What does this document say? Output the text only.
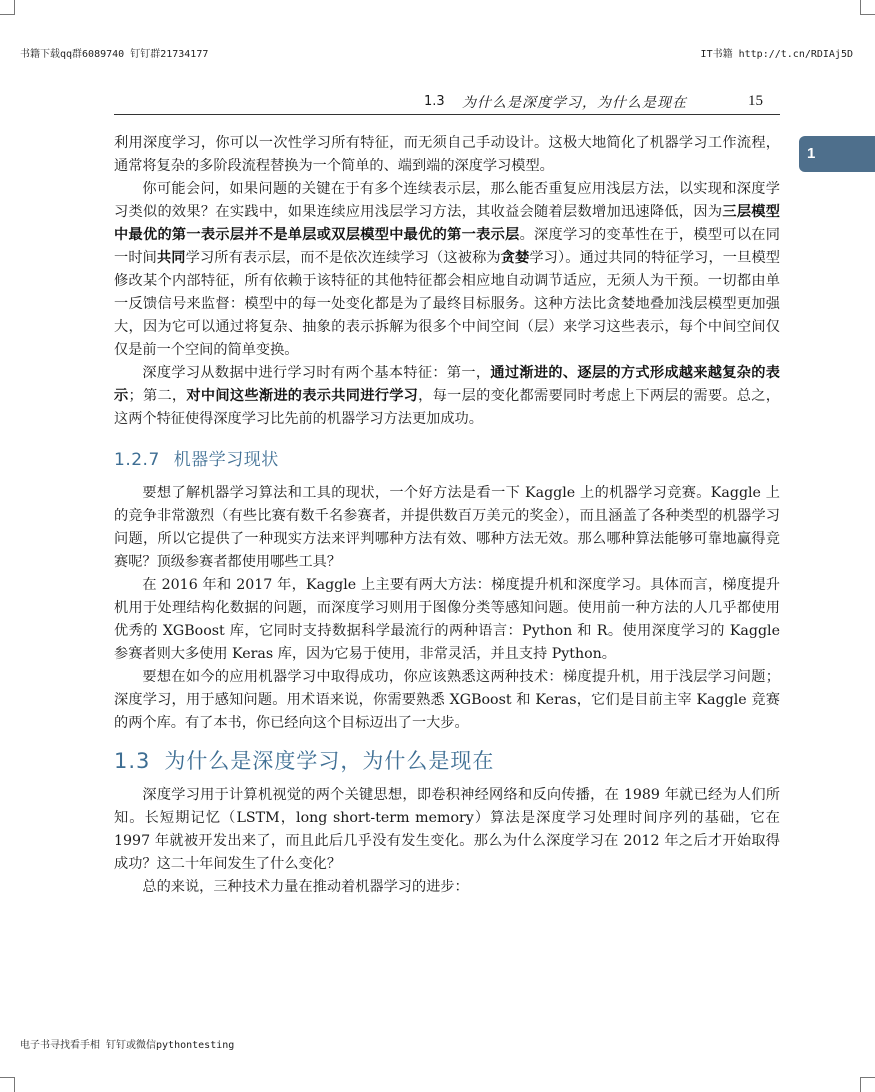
书籍下载qq群6089740 钉钉群21734177	IT书籍 http://t.cn/RDIAj5D
1.3 为什么是深度学习，为什么是现在	15
1

利用深度学习，你可以一次性学习所有特征，而无须自己手动设计。这极大地简化了机器学习工作流程，通常将复杂的多阶段流程替换为一个简单的、端到端的深度学习模型。

你可能会问，如果问题的关键在于有多个连续表示层，那么能否重复应用浅层方法，以实现和深度学习类似的效果？在实践中，如果连续应用浅层学习方法，其收益会随着层数增加迅速降低，因为三层模型中最优的第一表示层并不是单层或双层模型中最优的第一表示层。深度学习的变革性在于，模型可以在同一时间共同学习所有表示层，而不是依次连续学习（这被称为贪婪学习）。通过共同的特征学习，一旦模型修改某个内部特征，所有依赖于该特征的其他特征都会相应地自动调节适应，无须人为干预。一切都由单一反馈信号来监督：模型中的每一处变化都是为了最终目标服务。这种方法比贪婪地叠加浅层模型更加强大，因为它可以通过将复杂、抽象的表示拆解为很多个中间空间（层）来学习这些表示，每个中间空间仅仅是前一个空间的简单变换。

深度学习从数据中进行学习时有两个基本特征：第一，通过渐进的、逐层的方式形成越来越复杂的表示；第二，对中间这些渐进的表示共同进行学习，每一层的变化都需要同时考虑上下两层的需要。总之，这两个特征使得深度学习比先前的机器学习方法更加成功。

1.2.7 机器学习现状

要想了解机器学习算法和工具的现状，一个好方法是看一下 Kaggle 上的机器学习竞赛。Kaggle 上的竞争非常激烈（有些比赛有数千名参赛者，并提供数百万美元的奖金），而且涵盖了各种类型的机器学习问题，所以它提供了一种现实方法来评判哪种方法有效、哪种方法无效。那么哪种算法能够可靠地赢得竞赛呢？顶级参赛者都使用哪些工具？

在 2016 年和 2017 年，Kaggle 上主要有两大方法：梯度提升机和深度学习。具体而言，梯度提升机用于处理结构化数据的问题，而深度学习则用于图像分类等感知问题。使用前一种方法的人几乎都使用优秀的 XGBoost 库，它同时支持数据科学最流行的两种语言：Python 和 R。使用深度学习的 Kaggle 参赛者则大多使用 Keras 库，因为它易于使用，非常灵活，并且支持 Python。

要想在如今的应用机器学习中取得成功，你应该熟悉这两种技术：梯度提升机，用于浅层学习问题；深度学习，用于感知问题。用术语来说，你需要熟悉 XGBoost 和 Keras，它们是目前主宰 Kaggle 竞赛的两个库。有了本书，你已经向这个目标迈出了一大步。

1.3 为什么是深度学习，为什么是现在

深度学习用于计算机视觉的两个关键思想，即卷积神经网络和反向传播，在 1989 年就已经为人们所知。长短期记忆（LSTM，long short-term memory）算法是深度学习处理时间序列的基础，它在 1997 年就被开发出来了，而且此后几乎没有发生变化。那么为什么深度学习在 2012 年之后才开始取得成功？这二十年间发生了什么变化？

总的来说，三种技术力量在推动着机器学习的进步：

电子书寻找看手相 钉钉或微信pythontesting
